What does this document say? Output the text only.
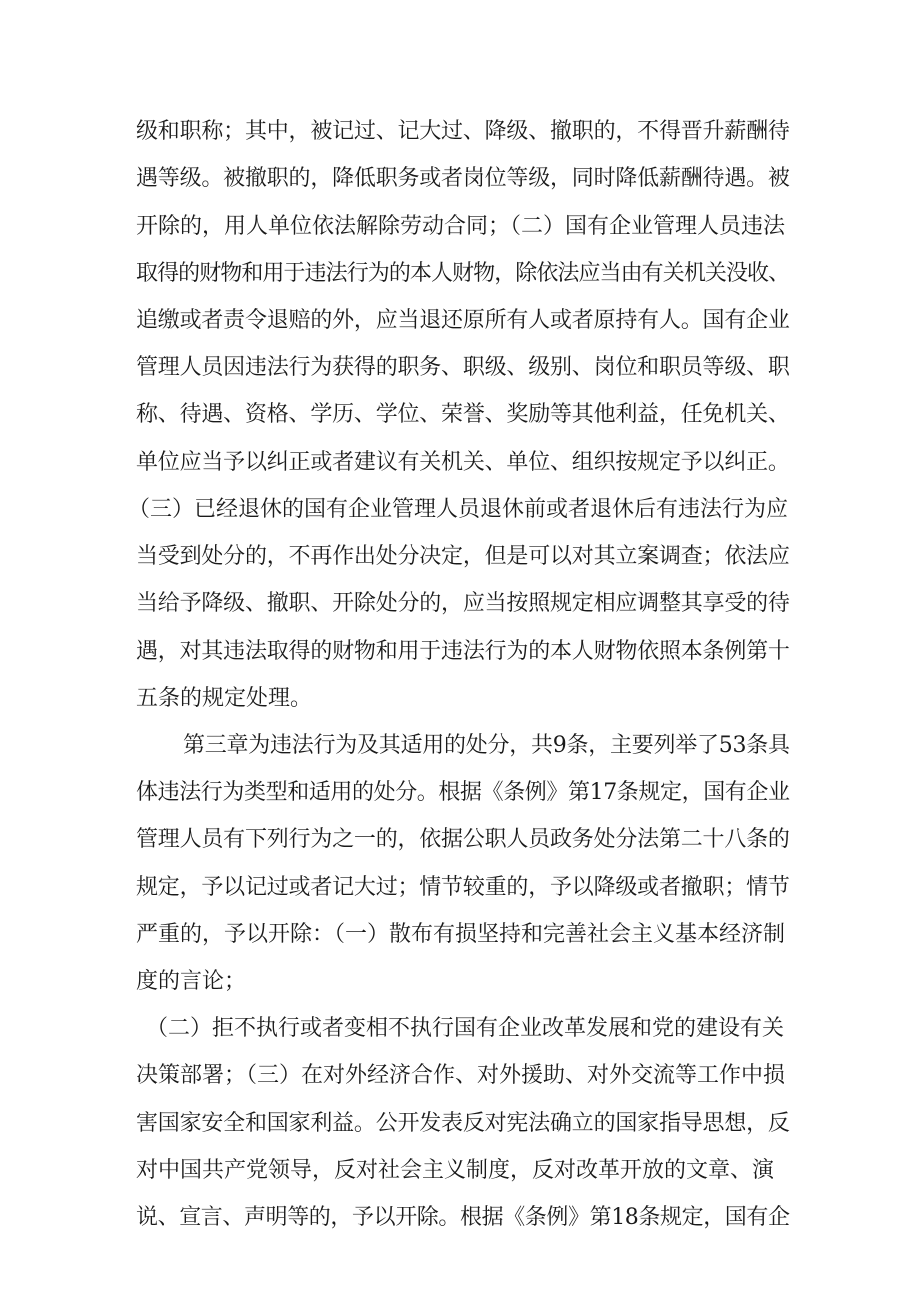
级和职称；其中，被记过、记大过、降级、撤职的，不得晋升薪酬待
遇等级。被撤职的，降低职务或者岗位等级，同时降低薪酬待遇。被
开除的，用人单位依法解除劳动合同；（二）国有企业管理人员违法
取得的财物和用于违法行为的本人财物，除依法应当由有关机关没收、
追缴或者责令退赔的外，应当退还原所有人或者原持有人。国有企业
管理人员因违法行为获得的职务、职级、级别、岗位和职员等级、职
称、待遇、资格、学历、学位、荣誉、奖励等其他利益，任免机关、
单位应当予以纠正或者建议有关机关、单位、组织按规定予以纠正。
（三）已经退休的国有企业管理人员退休前或者退休后有违法行为应
当受到处分的，不再作出处分决定，但是可以对其立案调查；依法应
当给予降级、撤职、开除处分的，应当按照规定相应调整其享受的待
遇，对其违法取得的财物和用于违法行为的本人财物依照本条例第十
五条的规定处理。
第三章为违法行为及其适用的处分，共9条，主要列举了53条具
体违法行为类型和适用的处分。根据《条例》第17条规定，国有企业
管理人员有下列行为之一的，依据公职人员政务处分法第二十八条的
规定，予以记过或者记大过；情节较重的，予以降级或者撤职；情节
严重的，予以开除：（一）散布有损坚持和完善社会主义基本经济制
度的言论；
（二）拒不执行或者变相不执行国有企业改革发展和党的建设有关
决策部署；（三）在对外经济合作、对外援助、对外交流等工作中损
害国家安全和国家利益。公开发表反对宪法确立的国家指导思想，反
对中国共产党领导，反对社会主义制度，反对改革开放的文章、演
说、宣言、声明等的，予以开除。根据《条例》第18条规定，国有企
